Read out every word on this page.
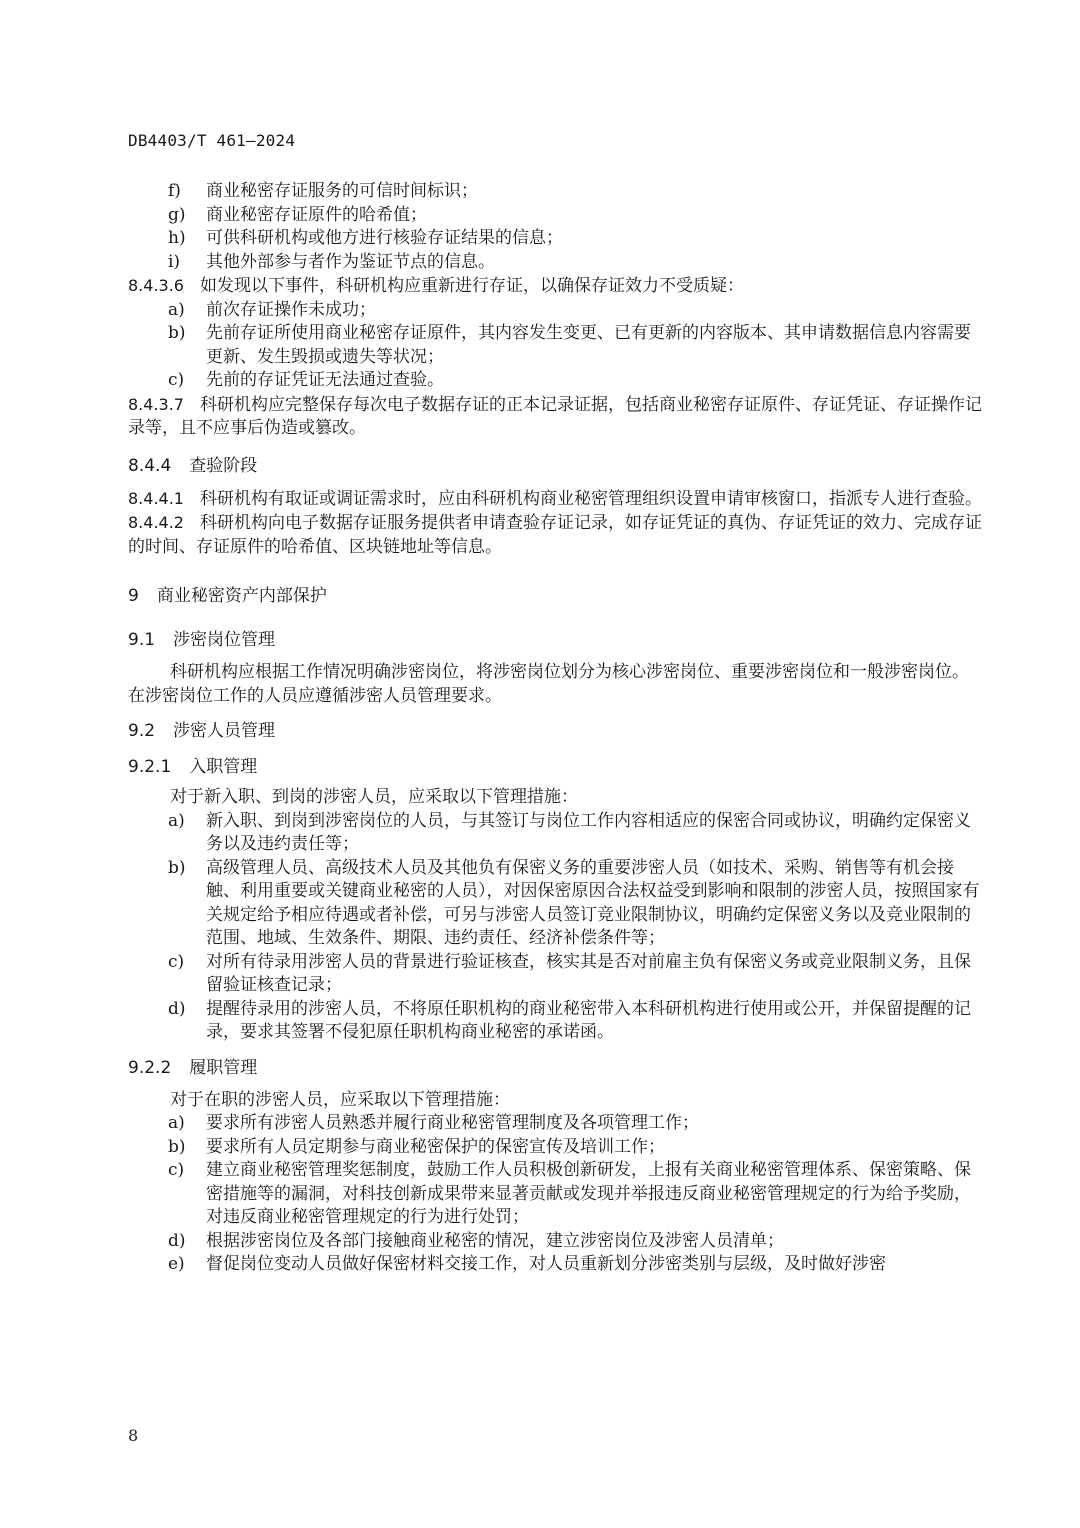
DB4403/T 461—2024
f) 商业秘密存证服务的可信时间标识；
g) 商业秘密存证原件的哈希值；
h) 可供科研机构或他方进行核验存证结果的信息；
i) 其他外部参与者作为鉴证节点的信息。
8.4.3.6 如发现以下事件，科研机构应重新进行存证，以确保存证效力不受质疑：
a) 前次存证操作未成功；
b) 先前存证所使用商业秘密存证原件，其内容发生变更、已有更新的内容版本、其申请数据信息内容需要更新、发生毁损或遗失等状况；
c) 先前的存证凭证无法通过查验。
8.4.3.7 科研机构应完整保存每次电子数据存证的正本记录证据，包括商业秘密存证原件、存证凭证、存证操作记录等，且不应事后伪造或篡改。
8.4.4 查验阶段
8.4.4.1 科研机构有取证或调证需求时，应由科研机构商业秘密管理组织设置申请审核窗口，指派专人进行查验。
8.4.4.2 科研机构向电子数据存证服务提供者申请查验存证记录，如存证凭证的真伪、存证凭证的效力、完成存证的时间、存证原件的哈希值、区块链地址等信息。
9 商业秘密资产内部保护
9.1 涉密岗位管理
科研机构应根据工作情况明确涉密岗位，将涉密岗位划分为核心涉密岗位、重要涉密岗位和一般涉密岗位。在涉密岗位工作的人员应遵循涉密人员管理要求。
9.2 涉密人员管理
9.2.1 入职管理
对于新入职、到岗的涉密人员，应采取以下管理措施：
a) 新入职、到岗到涉密岗位的人员，与其签订与岗位工作内容相适应的保密合同或协议，明确约定保密义务以及违约责任等；
b) 高级管理人员、高级技术人员及其他负有保密义务的重要涉密人员（如技术、采购、销售等有机会接触、利用重要或关键商业秘密的人员），对因保密原因合法权益受到影响和限制的涉密人员，按照国家有关规定给予相应待遇或者补偿，可另与涉密人员签订竞业限制协议，明确约定保密义务以及竞业限制的范围、地域、生效条件、期限、违约责任、经济补偿条件等；
c) 对所有待录用涉密人员的背景进行验证核查，核实其是否对前雇主负有保密义务或竞业限制义务，且保留验证核查记录；
d) 提醒待录用的涉密人员，不将原任职机构的商业秘密带入本科研机构进行使用或公开，并保留提醒的记录，要求其签署不侵犯原任职机构商业秘密的承诺函。
9.2.2 履职管理
对于在职的涉密人员，应采取以下管理措施：
a) 要求所有涉密人员熟悉并履行商业秘密管理制度及各项管理工作；
b) 要求所有人员定期参与商业秘密保护的保密宣传及培训工作；
c) 建立商业秘密管理奖惩制度，鼓励工作人员积极创新研发，上报有关商业秘密管理体系、保密策略、保密措施等的漏洞，对科技创新成果带来显著贡献或发现并举报违反商业秘密管理规定的行为给予奖励，对违反商业秘密管理规定的行为进行处罚；
d) 根据涉密岗位及各部门接触商业秘密的情况，建立涉密岗位及涉密人员清单；
e) 督促岗位变动人员做好保密材料交接工作，对人员重新划分涉密类别与层级，及时做好涉密
8
